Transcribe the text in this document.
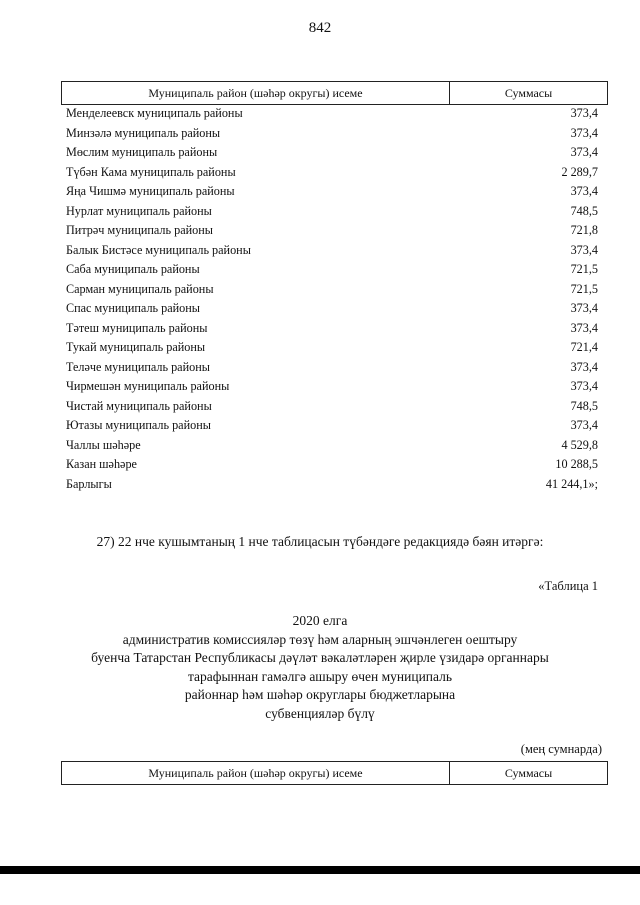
842
Муниципаль район (шәһәр округы) исеме	Суммасы
Менделеевск муниципаль районы	373,4
Минзәлә муниципаль районы	373,4
Мөслим муниципаль районы	373,4
Түбән Кама муниципаль районы	2 289,7
Яңа Чишмә муниципаль районы	373,4
Нурлат муниципаль районы	748,5
Питрәч муниципаль районы	721,8
Балык Бистәсе муниципаль районы	373,4
Саба муниципаль районы	721,5
Сарман муниципаль районы	721,5
Спас муниципаль районы	373,4
Тәтеш муниципаль районы	373,4
Тукай муниципаль районы	721,4
Теләче муниципаль районы	373,4
Чирмешән муниципаль районы	373,4
Чистай муниципаль районы	748,5
Ютазы муниципаль районы	373,4
Чаллы шәһәре	4 529,8
Казан шәһәре	10 288,5
Барлыгы	41 244,1»;
27) 22 нче кушымтаның 1 нче таблицасын түбәндәге редакциядә бәян итәргә:
«Таблица 1
2020 елга
административ комиссияләр төзү һәм аларның эшчәнлеген оештыру
буенча Татарстан Республикасы дәүләт вәкаләтләрен җирле үзидарә органнары
тарафыннан гамәлгә ашыру өчен муниципаль
районнар һәм шәһәр округлары бюджетларына
субвенцияләр бүлү
(мең сумнарда)
Муниципаль район (шәһәр округы) исеме	Суммасы
